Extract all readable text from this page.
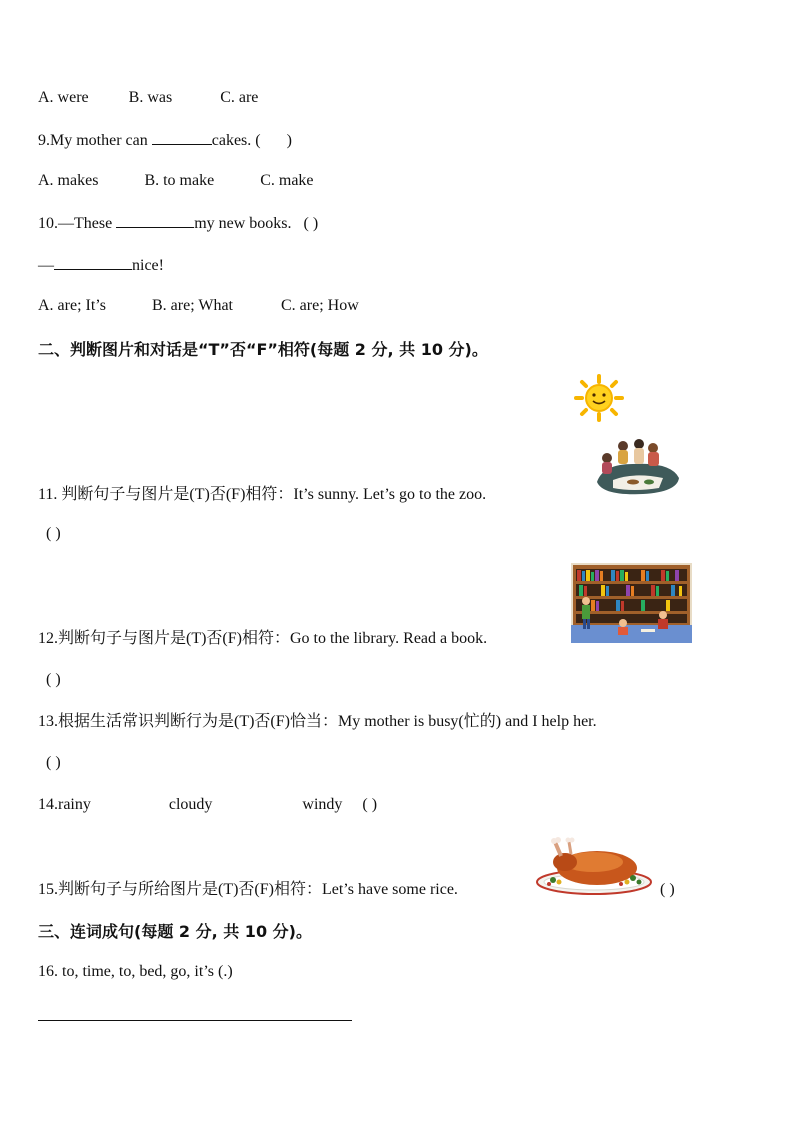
A. were	B. was	C. are
9.My mother can	cakes. ( )
A. makes	B. to make	C. make
10.—These	my new books. ( )
—	nice!
A. are; It’s	B. are; What	C. are; How
二、判断图片和对话是“T”否“F”相符(每题 2 分, 共 10 分)。
11. 判断句子与图片是(T)否(F)相符：It’s sunny. Let’s go to the zoo.
( )
12.判断句子与图片是(T)否(F)相符：Go to the library. Read a book.
( )
13.根据生活常识判断行为是(T)否(F)恰当：My mother is busy(忙的) and I help her.
( )
14.rainy	cloudy	windy ( )
15.判断句子与所给图片是(T)否(F)相符：Let’s have some rice.	( )
三、连词成句(每题 2 分, 共 10 分)。
16. to, time, to, bed, go, it’s (.)
